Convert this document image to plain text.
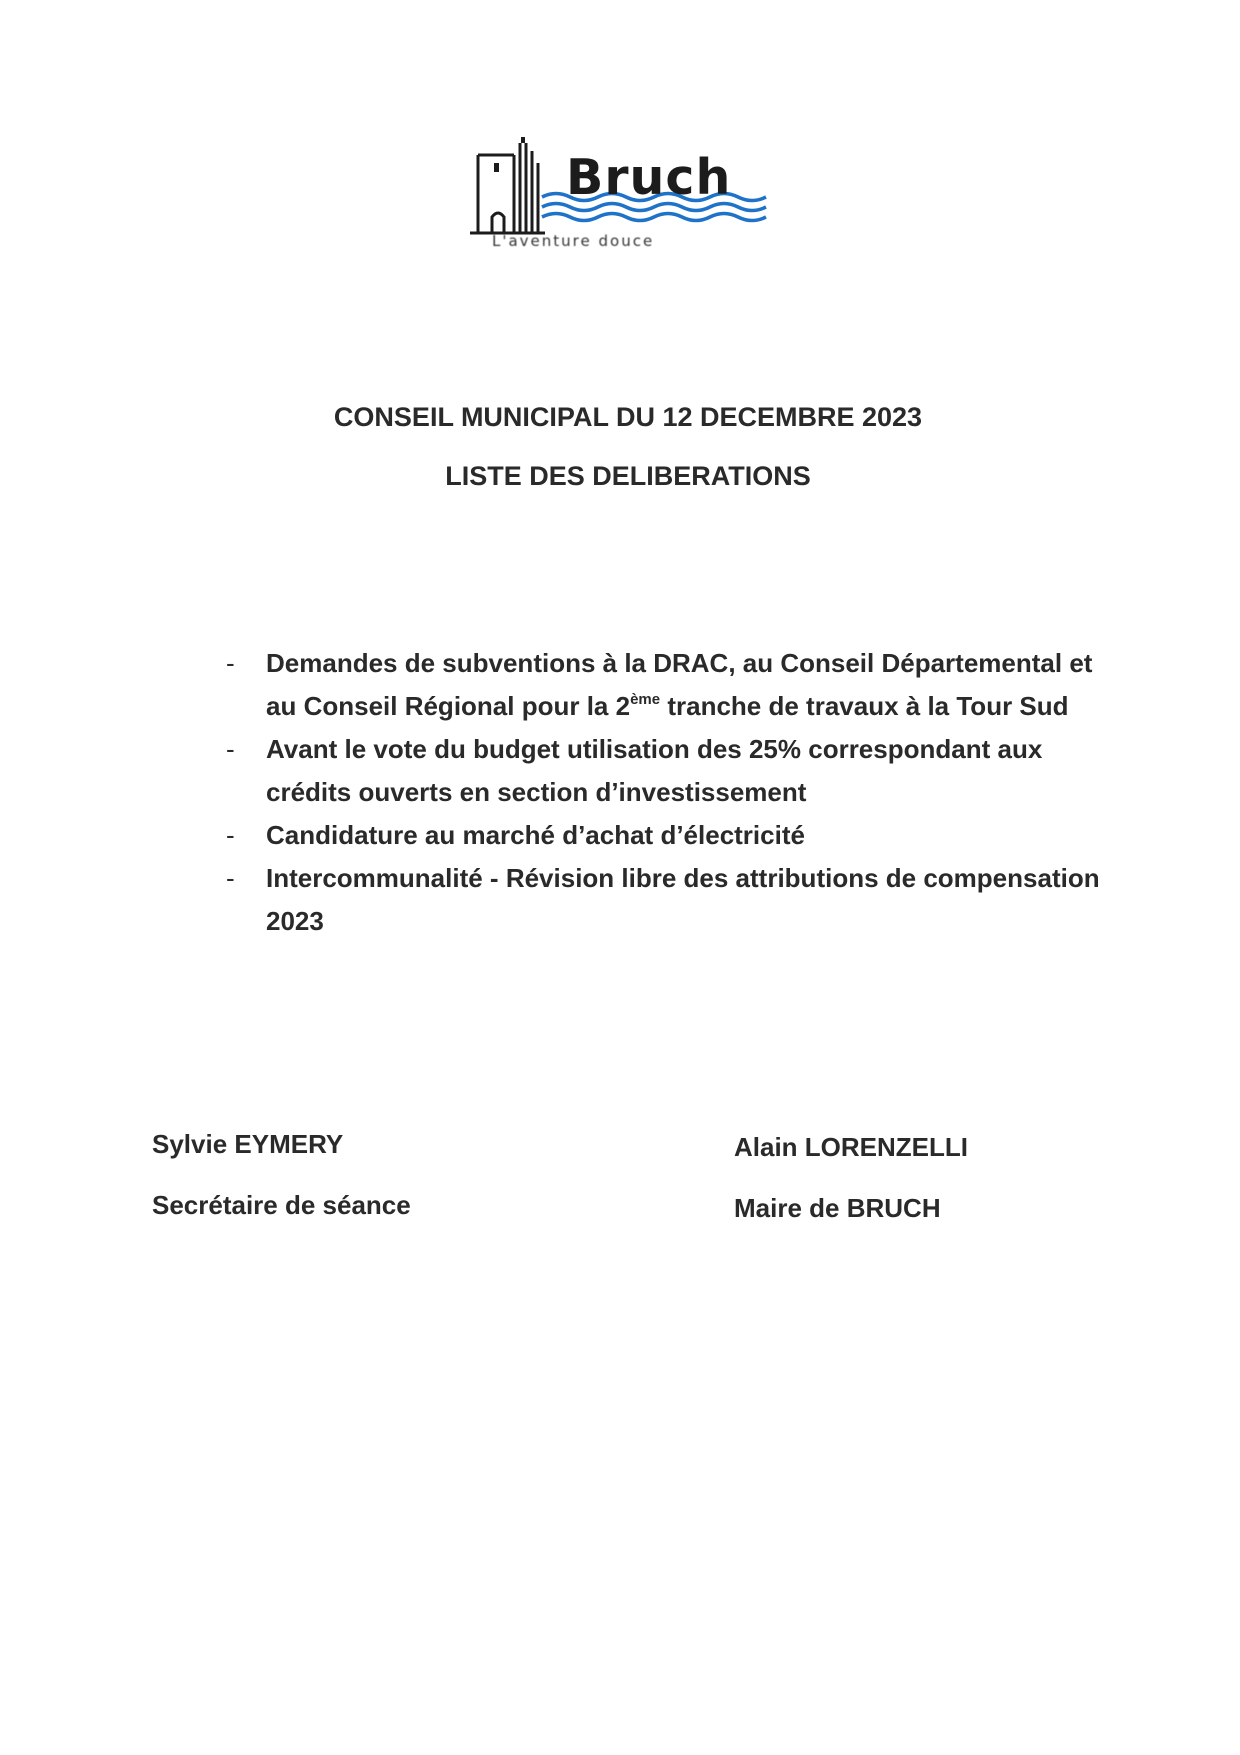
Bruch
L'aventure douce
CONSEIL MUNICIPAL DU 12 DECEMBRE 2023
LISTE DES DELIBERATIONS
- Demandes de subventions à la DRAC, au Conseil Départemental et au Conseil Régional pour la 2ème tranche de travaux à la Tour Sud
- Avant le vote du budget utilisation des 25% correspondant aux crédits ouverts en section d’investissement
- Candidature au marché d’achat d’électricité
- Intercommunalité - Révision libre des attributions de compensation 2023
Sylvie EYMERY
Secrétaire de séance
Alain LORENZELLI
Maire de BRUCH
